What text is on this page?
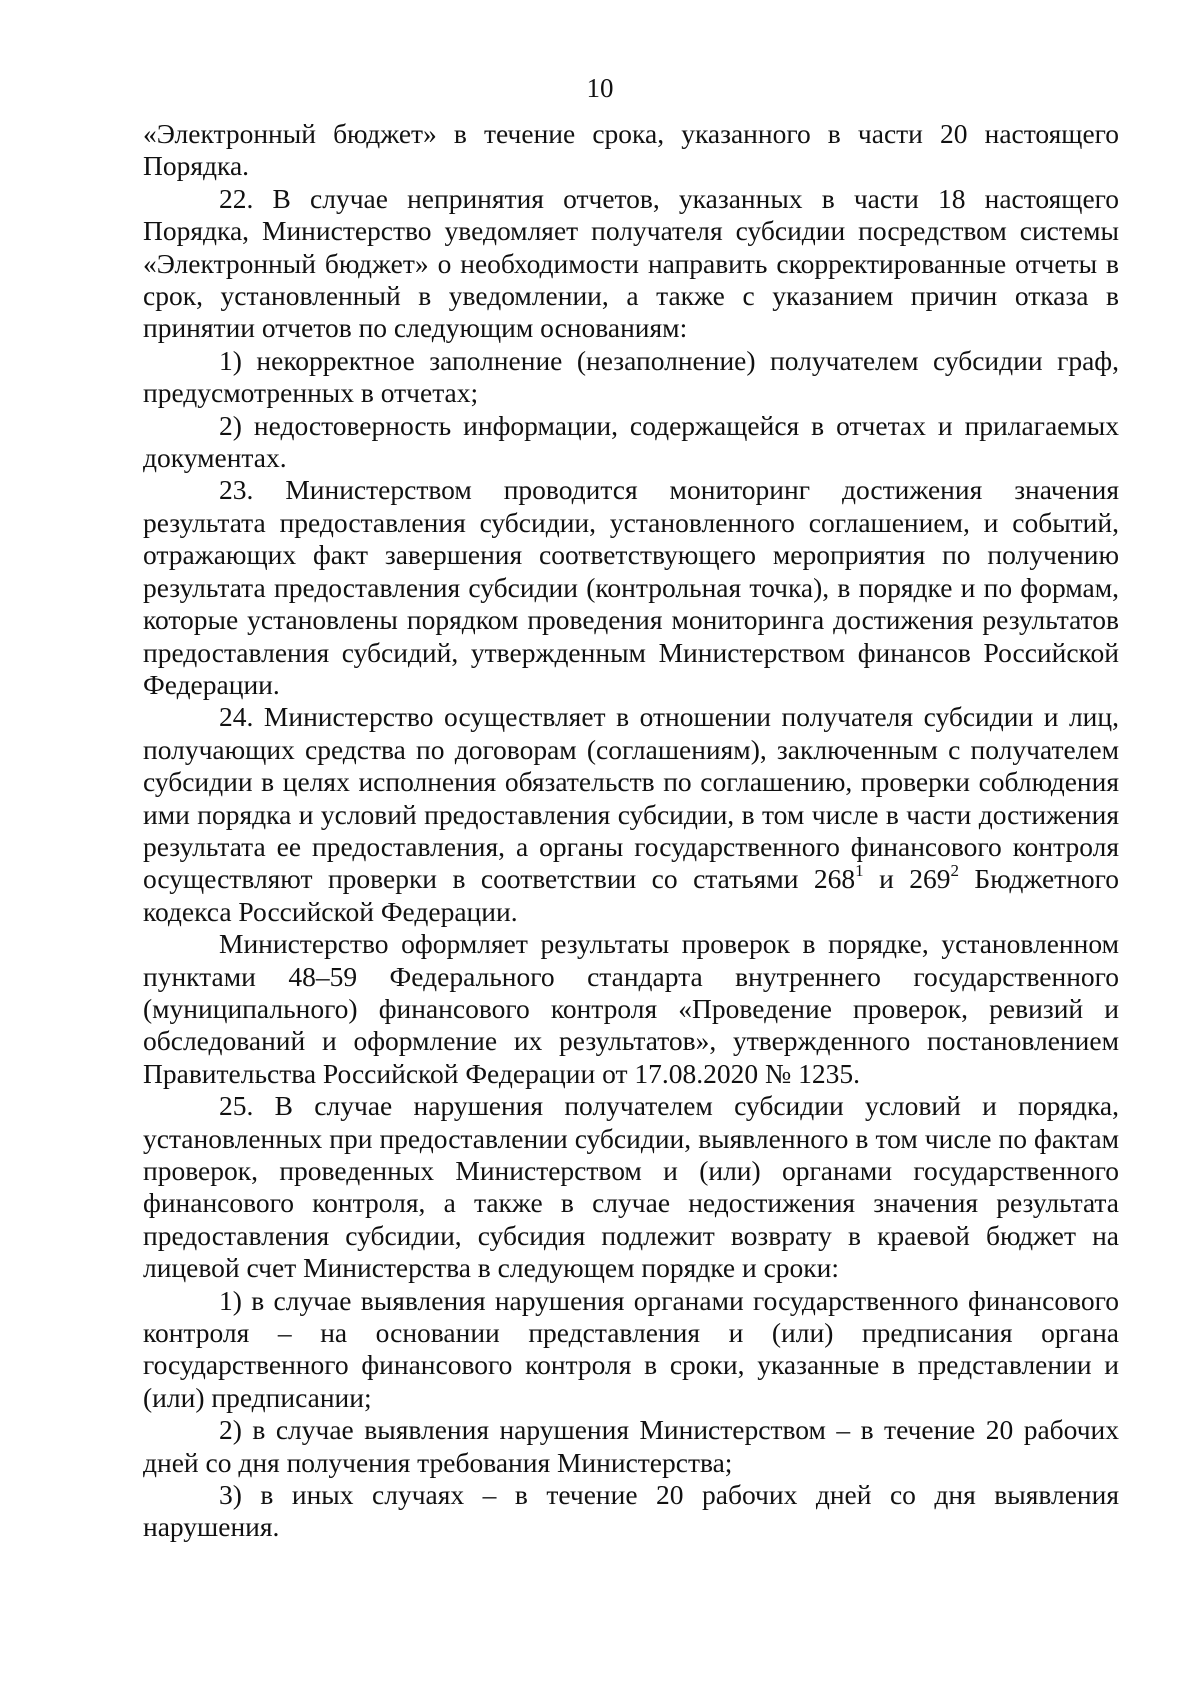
10

«Электронный бюджет» в течение срока, указанного в части 20 настоящего Порядка.

22. В случае непринятия отчетов, указанных в части 18 настоящего Порядка, Министерство уведомляет получателя субсидии посредством системы «Электронный бюджет» о необходимости направить скорректированные отчеты в срок, установленный в уведомлении, а также с указанием причин отказа в принятии отчетов по следующим основаниям:

1) некорректное заполнение (незаполнение) получателем субсидии граф, предусмотренных в отчетах;

2) недостоверность информации, содержащейся в отчетах и прилагаемых документах.

23. Министерством проводится мониторинг достижения значения результата предоставления субсидии, установленного соглашением, и событий, отражающих факт завершения соответствующего мероприятия по получению результата предоставления субсидии (контрольная точка), в порядке и по формам, которые установлены порядком проведения мониторинга достижения результатов предоставления субсидий, утвержденным Министерством финансов Российской Федерации.

24. Министерство осуществляет в отношении получателя субсидии и лиц, получающих средства по договорам (соглашениям), заключенным с получателем субсидии в целях исполнения обязательств по соглашению, проверки соблюдения ими порядка и условий предоставления субсидии, в том числе в части достижения результата ее предоставления, а органы государственного финансового контроля осуществляют проверки в соответствии со статьями $268^1$ и $269^2$ Бюджетного кодекса Российской Федерации.

Министерство оформляет результаты проверок в порядке, установленном пунктами 48–59 Федерального стандарта внутреннего государственного (муниципального) финансового контроля «Проведение проверок, ревизий и обследований и оформление их результатов», утвержденного постановлением Правительства Российской Федерации от 17.08.2020 № 1235.

25. В случае нарушения получателем субсидии условий и порядка, установленных при предоставлении субсидии, выявленного в том числе по фактам проверок, проведенных Министерством и (или) органами государственного финансового контроля, а также в случае недостижения значения результата предоставления субсидии, субсидия подлежит возврату в краевой бюджет на лицевой счет Министерства в следующем порядке и сроки:

1) в случае выявления нарушения органами государственного финансового контроля – на основании представления и (или) предписания органа государственного финансового контроля в сроки, указанные в представлении и (или) предписании;

2) в случае выявления нарушения Министерством – в течение 20 рабочих дней со дня получения требования Министерства;

3) в иных случаях – в течение 20 рабочих дней со дня выявления нарушения.
